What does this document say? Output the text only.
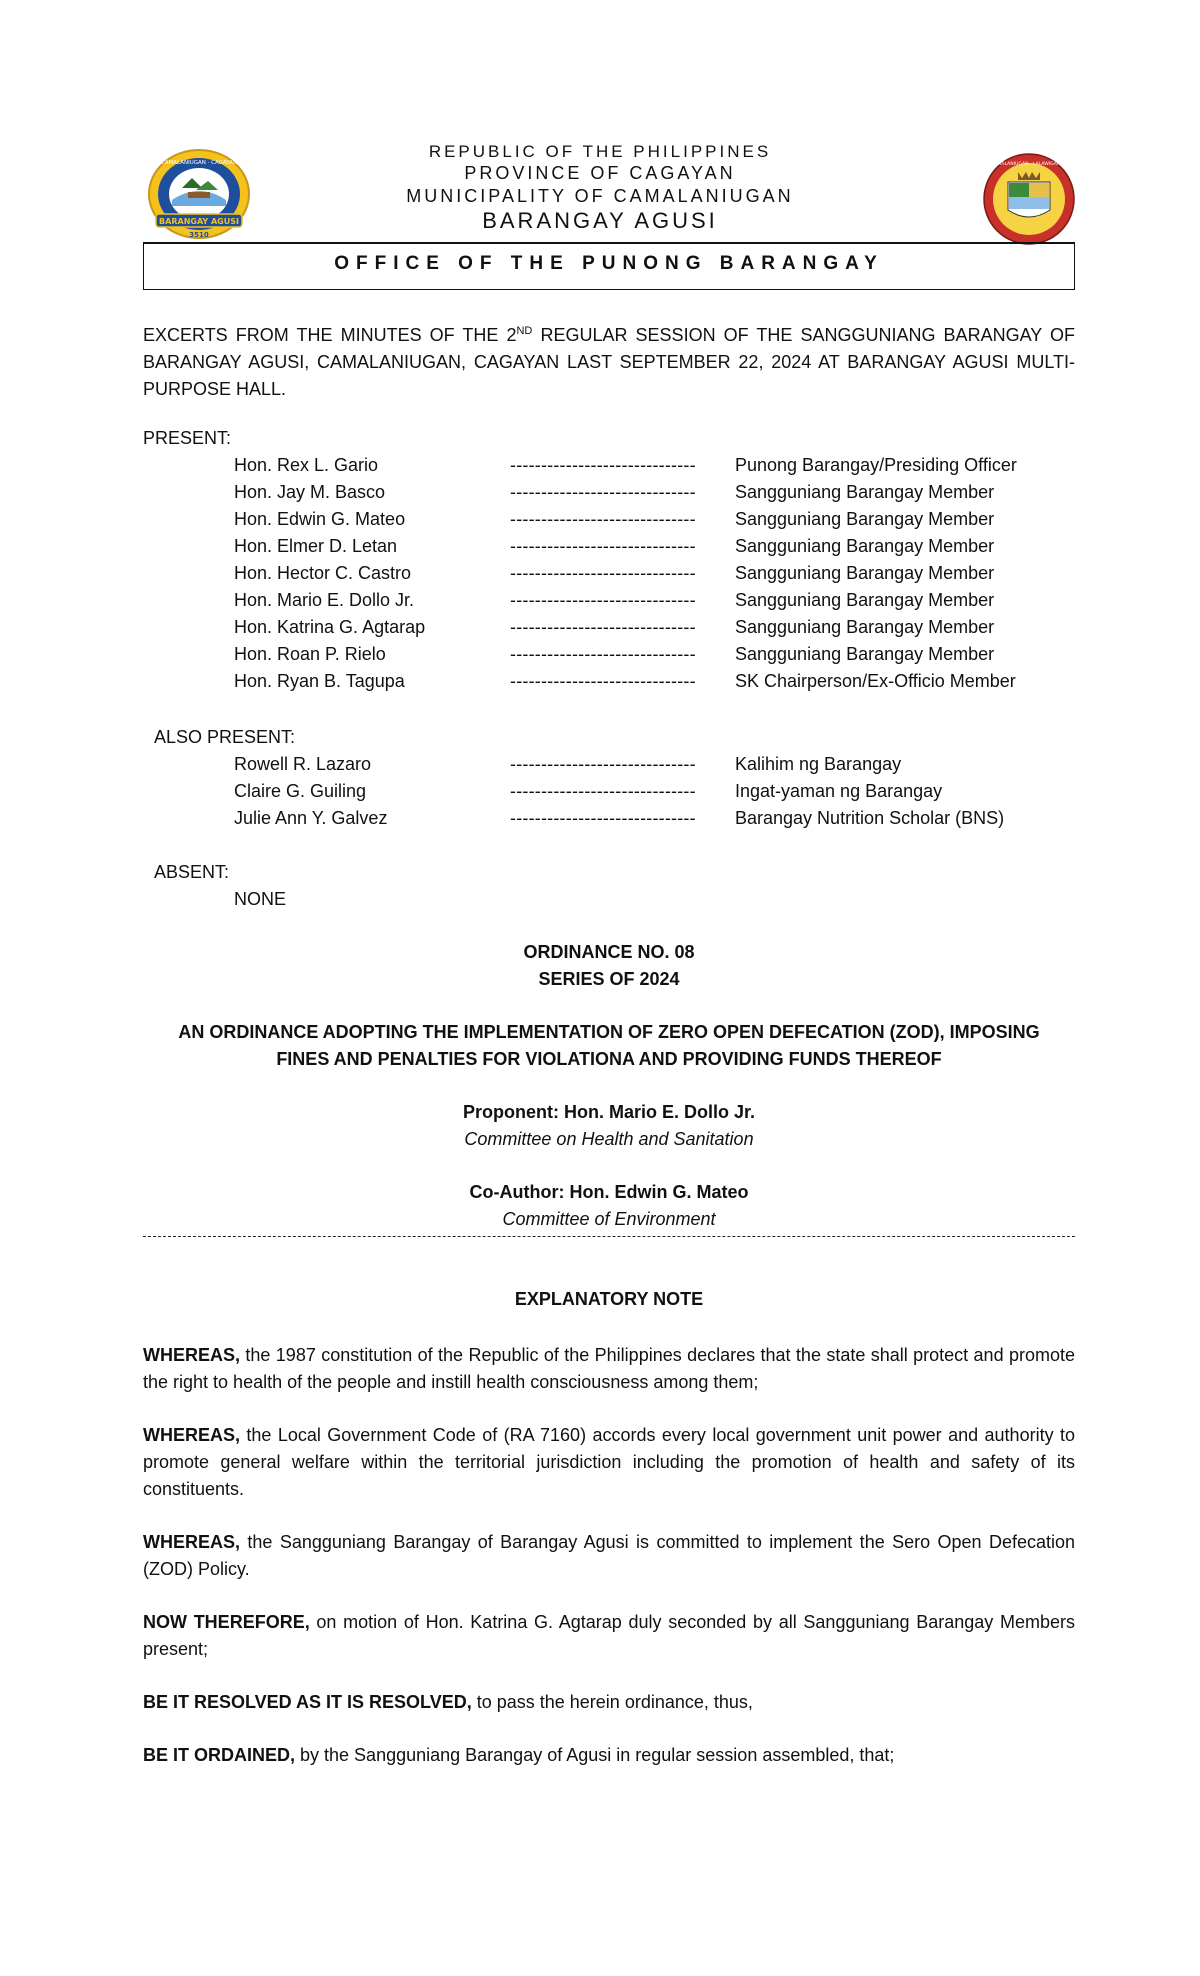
CAMALANIUGAN · CAGAYAN
BARANGAY AGUSI
3510
BAYAN NG CAMALANIUGAN · LALAWIGAN NG CAGAYAN
REPUBLIC OF THE PHILIPPINES
PROVINCE OF CAGAYAN
MUNICIPALITY OF CAMALANIUGAN
BARANGAY AGUSI
OFFICE OF THE PUNONG BARANGAY
EXCERTS FROM THE MINUTES OF THE 2ND REGULAR SESSION OF THE SANGGUNIANG BARANGAY OF BARANGAY AGUSI, CAMALANIUGAN, CAGAYAN LAST SEPTEMBER 22, 2024 AT BARANGAY AGUSI MULTI-PURPOSE HALL.
PRESENT:
Hon. Rex L. Gario	------------------------------ Punong Barangay/Presiding Officer
Hon. Jay M. Basco	------------------------------ Sangguniang Barangay Member
Hon. Edwin G. Mateo	------------------------------ Sangguniang Barangay Member
Hon. Elmer D. Letan	------------------------------ Sangguniang Barangay Member
Hon. Hector C. Castro	------------------------------ Sangguniang Barangay Member
Hon. Mario E. Dollo Jr.	------------------------------ Sangguniang Barangay Member
Hon. Katrina G. Agtarap	------------------------------ Sangguniang Barangay Member
Hon. Roan P. Rielo	------------------------------ Sangguniang Barangay Member
Hon. Ryan B. Tagupa	------------------------------ SK Chairperson/Ex-Officio Member
ALSO PRESENT:
Rowell R. Lazaro	------------------------------ Kalihim ng Barangay
Claire G. Guiling	------------------------------ Ingat-yaman ng Barangay
Julie Ann Y. Galvez	------------------------------ Barangay Nutrition Scholar (BNS)
ABSENT:
NONE
ORDINANCE NO. 08
SERIES OF 2024
AN ORDINANCE ADOPTING THE IMPLEMENTATION OF ZERO OPEN DEFECATION (ZOD), IMPOSING
FINES AND PENALTIES FOR VIOLATIONA AND PROVIDING FUNDS THEREOF
Proponent: Hon. Mario E. Dollo Jr.
Committee on Health and Sanitation
Co-Author: Hon. Edwin G. Mateo
Committee of Environment
EXPLANATORY NOTE
WHEREAS, the 1987 constitution of the Republic of the Philippines declares that the state shall protect and promote the right to health of the people and instill health consciousness among them;
WHEREAS, the Local Government Code of (RA 7160) accords every local government unit power and authority to promote general welfare within the territorial jurisdiction including the promotion of health and safety of its constituents.
WHEREAS, the Sangguniang Barangay of Barangay Agusi is committed to implement the Sero Open Defecation (ZOD) Policy.
NOW THEREFORE, on motion of Hon. Katrina G. Agtarap duly seconded by all Sangguniang Barangay Members present;
BE IT RESOLVED AS IT IS RESOLVED, to pass the herein ordinance, thus,
BE IT ORDAINED, by the Sangguniang Barangay of Agusi in regular session assembled, that;
